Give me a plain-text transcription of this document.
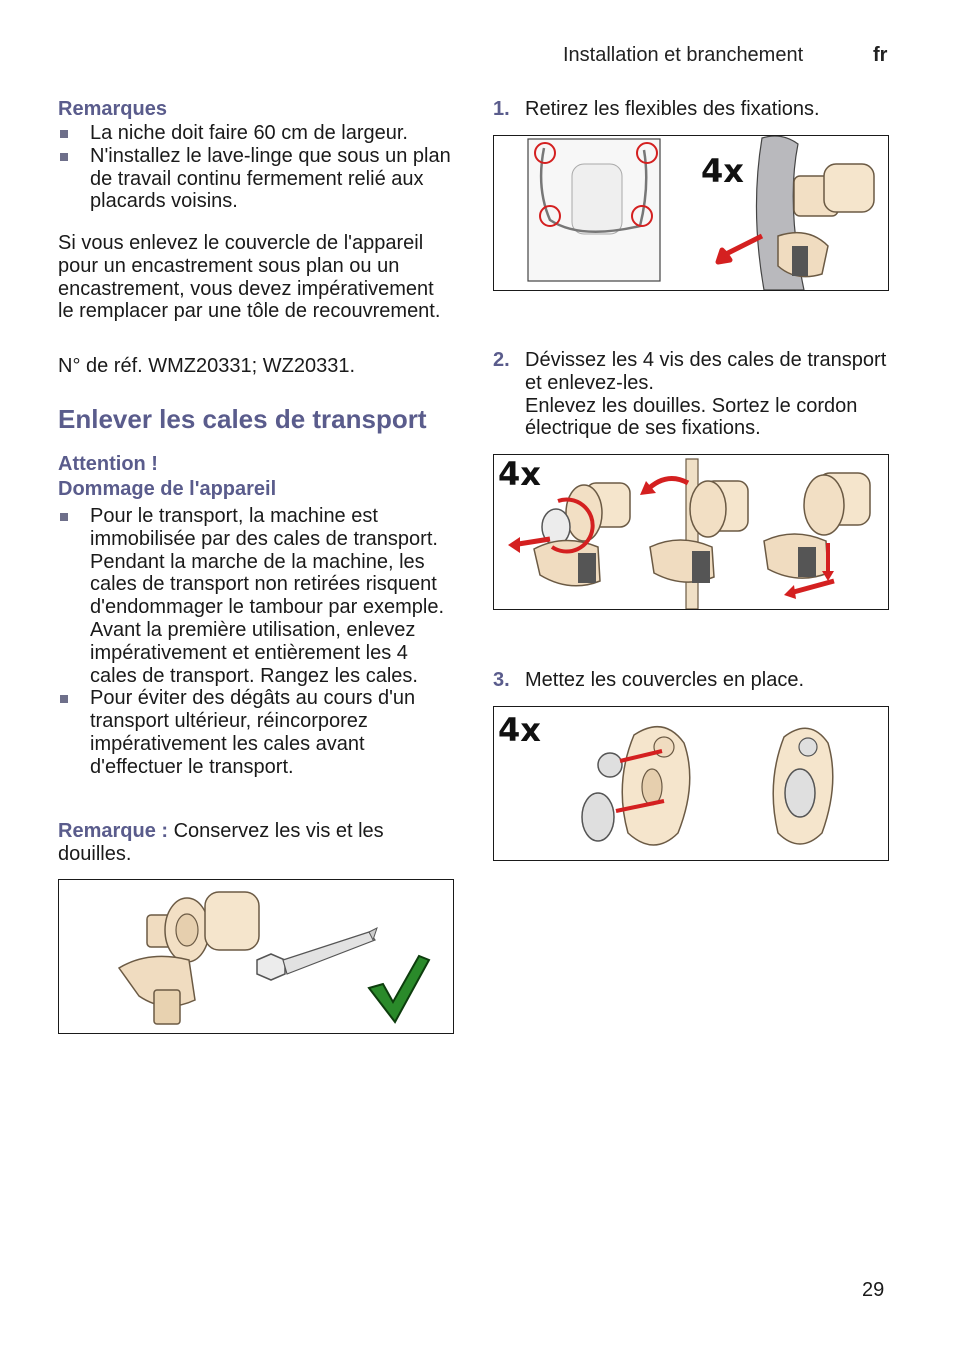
Installation et branchement	fr
Remarques
La niche doit faire 60 cm de largeur.
N'installez le lave-linge que sous un plan de travail continu fermement relié aux placards voisins.
Si vous enlevez le couvercle de l'appareil pour un encastrement sous plan ou un encastrement, vous devez impérativement le remplacer par une tôle de recouvrement.
N° de réf. WMZ20331; WZ20331.
Enlever les cales de transport
Attention !
Dommage de l'appareil
Pour le transport, la machine est immobilisée par des cales de transport. Pendant la marche de la machine, les cales de transport non retirées risquent d'endommager le tambour par exemple.
Avant la première utilisation, enlevez impérativement et entièrement les 4 cales de transport. Rangez les cales.
Pour éviter des dégâts au cours d'un transport ultérieur, réincorporez impérativement les cales avant d'effectuer le transport.
Remarque : Conservez les vis et les douilles.
1. Retirez les flexibles des fixations.
4x
2. Dévissez les 4 vis des cales de transport et enlevez-les.
Enlevez les douilles. Sortez le cordon électrique de ses fixations.
4x
3. Mettez les couvercles en place.
4x
29
